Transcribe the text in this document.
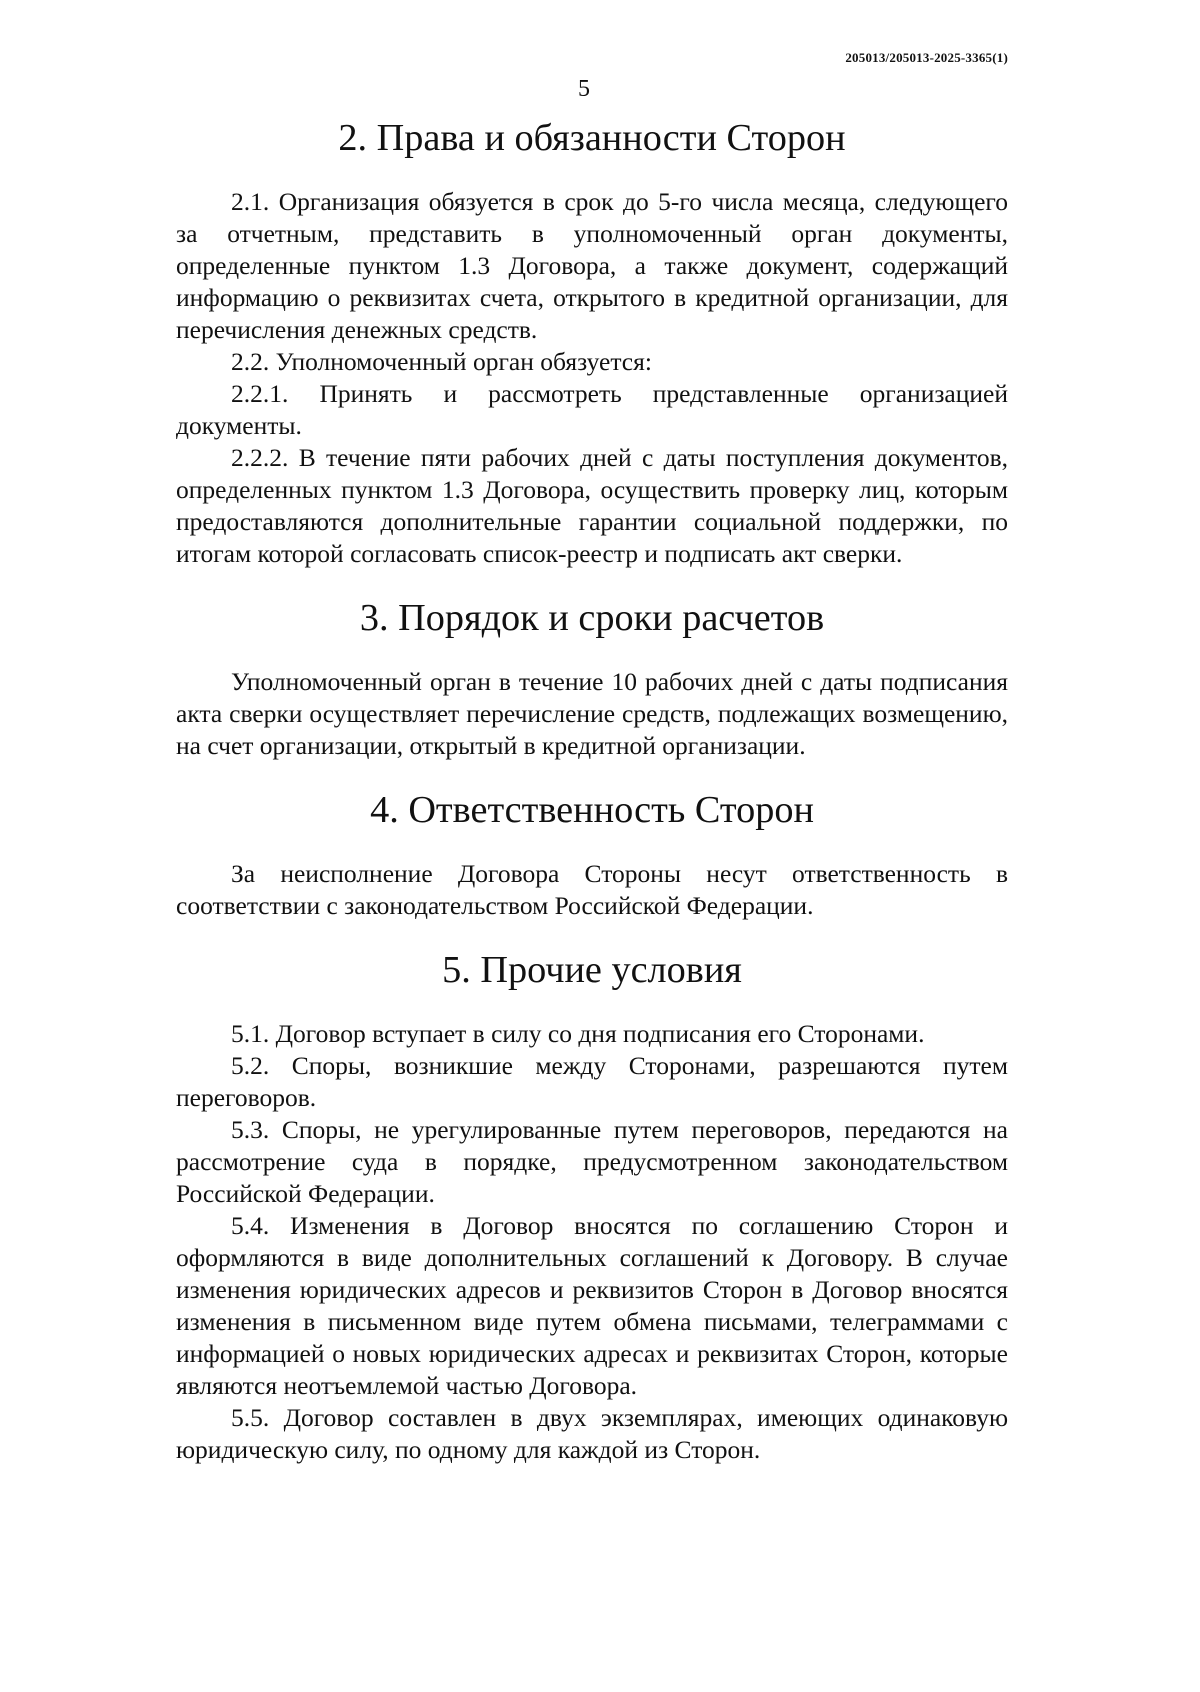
205013/205013-2025-3365(1)
5
2. Права и обязанности Сторон

2.1. Организация обязуется в срок до 5-го числа месяца, следующего за отчетным, представить в уполномоченный орган документы, определенные пунктом 1.3 Договора, а также документ, содержащий информацию о реквизитах счета, открытого в кредитной организации, для перечисления денежных средств.

2.2. Уполномоченный орган обязуется:

2.2.1. Принять и рассмотреть представленные организацией документы.

2.2.2. В течение пяти рабочих дней с даты поступления документов, определенных пунктом 1.3 Договора, осуществить проверку лиц, которым предоставляются дополнительные гарантии социальной поддержки, по итогам которой согласовать список-реестр и подписать акт сверки.

3. Порядок и сроки расчетов

Уполномоченный орган в течение 10 рабочих дней с даты подписания акта сверки осуществляет перечисление средств, подлежащих возмещению, на счет организации, открытый в кредитной организации.

4. Ответственность Сторон

За неисполнение Договора Стороны несут ответственность в соответствии с законодательством Российской Федерации.

5. Прочие условия

5.1. Договор вступает в силу со дня подписания его Сторонами.

5.2. Споры, возникшие между Сторонами, разрешаются путем переговоров.

5.3. Споры, не урегулированные путем переговоров, передаются на рассмотрение суда в порядке, предусмотренном законодательством Российской Федерации.

5.4. Изменения в Договор вносятся по соглашению Сторон и оформляются в виде дополнительных соглашений к Договору. В случае изменения юридических адресов и реквизитов Сторон в Договор вносятся изменения в письменном виде путем обмена письмами, телеграммами с информацией о новых юридических адресах и реквизитах Сторон, которые являются неотъемлемой частью Договора.

5.5. Договор составлен в двух экземплярах, имеющих одинаковую юридическую силу, по одному для каждой из Сторон.
